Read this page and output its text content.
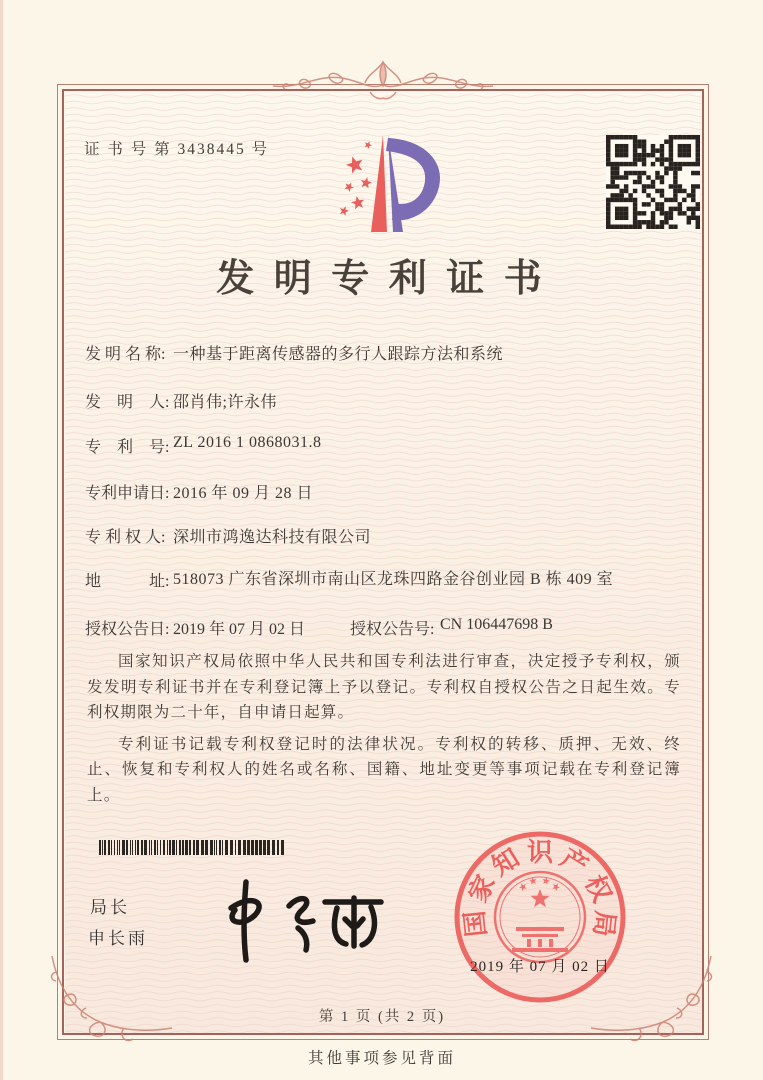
证 书 号 第 3438445 号
发 明 专 利 证 书
发 明 名 称: 一种基于距离传感器的多行人跟踪方法和系统
发　明　人: 邵肖伟;许永伟
专　利　号: ZL 2016 1 0868031.8
专利申请日: 2016 年 09 月 28 日
专 利 权 人: 深圳市鸿逸达科技有限公司
地　　　址: 518073 广东省深圳市南山区龙珠四路金谷创业园 B 栋 409 室
授权公告日: 2019 年 07 月 02 日	授权公告号: CN 106447698 B

国家知识产权局依照中华人民共和国专利法进行审查，决定授予专利权，颁发发明专利证书并在专利登记簿上予以登记。专利权自授权公告之日起生效。专利权期限为二十年，自申请日起算。

专利证书记载专利权登记时的法律状况。专利权的转移、质押、无效、终止、恢复和专利权人的姓名或名称、国籍、地址变更等事项记载在专利登记簿上。

局长
申长雨
国
家
知 识 产
权
局
2019 年 07 月 02 日
第 1 页 (共 2 页)
其他事项参见背面
